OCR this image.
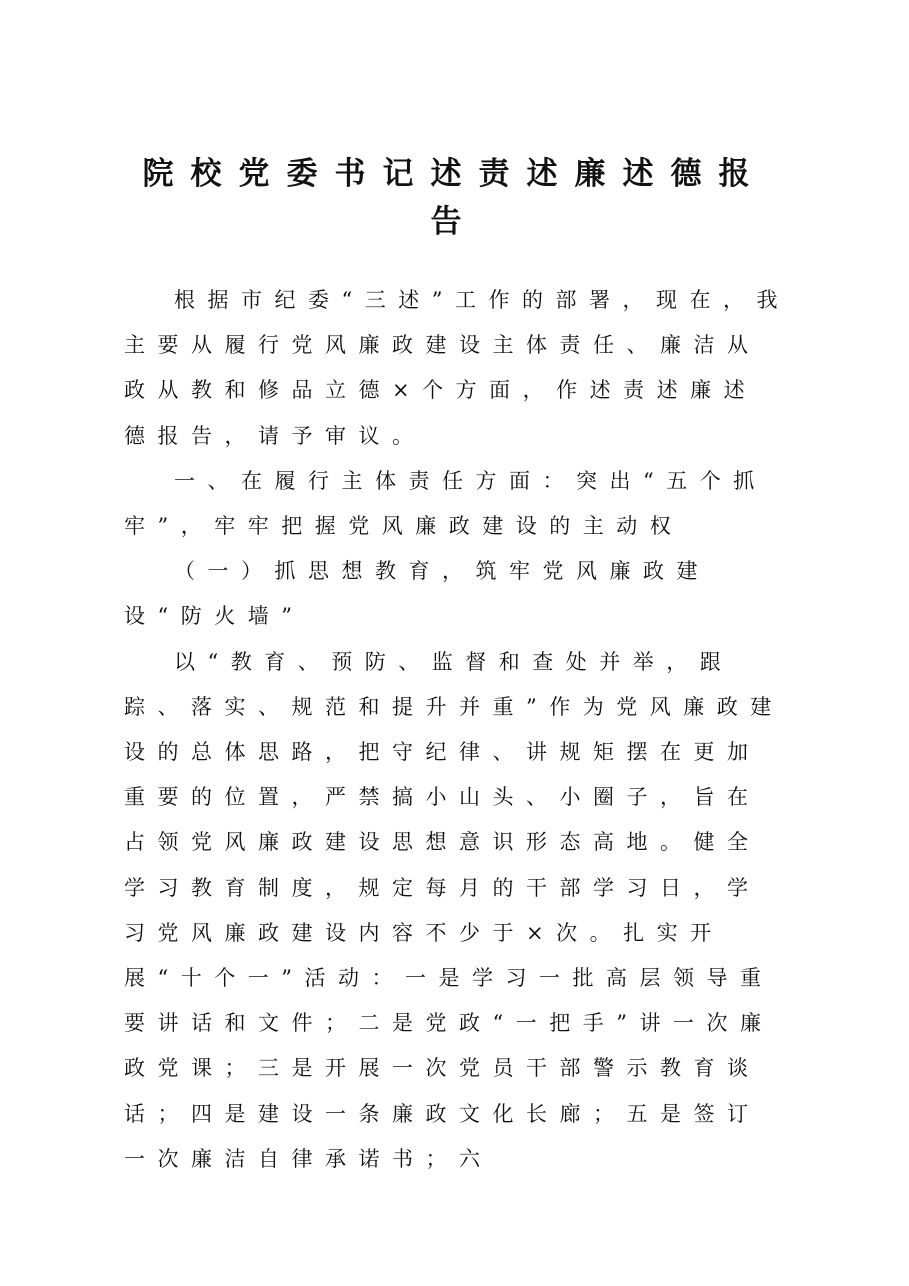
院校党委书记述责述廉述德报告

根据市纪委“三述”工作的部署，现在，我主要从履行党风廉政建设主体责任、廉洁从政从教和修品立德×个方面，作述责述廉述德报告，请予审议。

一、在履行主体责任方面：突出“五个抓牢”，牢牢把握党风廉政建设的主动权

（一）抓思想教育，筑牢党风廉政建设“防火墙”

以“教育、预防、监督和查处并举，跟踪、落实、规范和提升并重”作为党风廉政建设的总体思路，把守纪律、讲规矩摆在更加重要的位置，严禁搞小山头、小圈子，旨在占领党风廉政建设思想意识形态高地。健全学习教育制度，规定每月的干部学习日，学习党风廉政建设内容不少于×次。扎实开展“十个一”活动：一是学习一批高层领导重要讲话和文件；二是党政“一把手”讲一次廉政党课；三是开展一次党员干部警示教育谈话；四是建设一条廉政文化长廊；五是签订一次廉洁自律承诺书；六
